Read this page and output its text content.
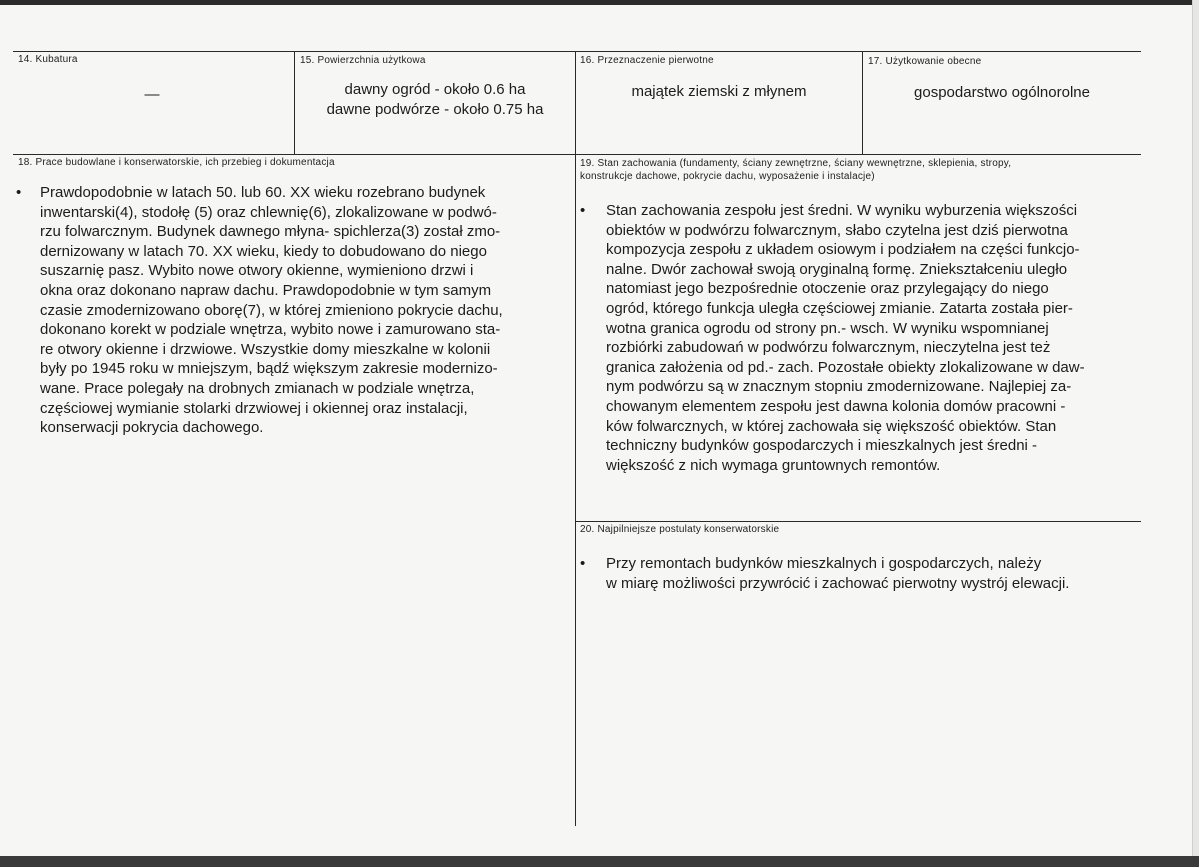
14. Kubatura
—
15. Powierzchnia użytkowa
dawny ogród - około 0.6 ha
dawne podwórze - około 0.75 ha
16. Przeznaczenie pierwotne
majątek ziemski z młynem
17. Użytkowanie obecne
gospodarstwo ogólnorolne
18. Prace budowlane i konserwatorskie, ich przebieg i dokumentacja
• Prawdopodobnie w latach 50. lub 60. XX wieku rozebrano budynek
inwentarski(4), stodołę (5) oraz chlewnię(6), zlokalizowane w podwó-
rzu folwarcznym. Budynek dawnego młyna- spichlerza(3) został zmo-
dernizowany w latach 70. XX wieku, kiedy to dobudowano do niego
suszarnię pasz. Wybito nowe otwory okienne, wymieniono drzwi i
okna oraz dokonano napraw dachu. Prawdopodobnie w tym samym
czasie zmodernizowano oborę(7), w której zmieniono pokrycie dachu,
dokonano korekt w podziale wnętrza, wybito nowe i zamurowano sta-
re otwory okienne i drzwiowe. Wszystkie domy mieszkalne w kolonii
były po 1945 roku w mniejszym, bądź większym zakresie modernizo-
wane. Prace polegały na drobnych zmianach w podziale wnętrza,
częściowej wymianie stolarki drzwiowej i okiennej oraz instalacji,
konserwacji pokrycia dachowego.
19. Stan zachowania (fundamenty, ściany zewnętrzne, ściany wewnętrzne, sklepienia, stropy,
konstrukcje dachowe, pokrycie dachu, wyposażenie i instalacje)
• Stan zachowania zespołu jest średni. W wyniku wyburzenia większości
obiektów w podwórzu folwarcznym, słabo czytelna jest dziś pierwotna
kompozycja zespołu z układem osiowym i podziałem na części funkcjo-
nalne. Dwór zachował swoją oryginalną formę. Zniekształceniu uległo
natomiast jego bezpośrednie otoczenie oraz przylegający do niego
ogród, którego funkcja uległa częściowej zmianie. Zatarta została pier-
wotna granica ogrodu od strony pn.- wsch. W wyniku wspomnianej
rozbiórki zabudowań w podwórzu folwarcznym, nieczytelna jest też
granica założenia od pd.- zach. Pozostałe obiekty zlokalizowane w daw-
nym podwórzu są w znacznym stopniu zmodernizowane. Najlepiej za-
chowanym elementem zespołu jest dawna kolonia domów pracowni -
ków folwarcznych, w której zachowała się większość obiektów. Stan
techniczny budynków gospodarczych i mieszkalnych jest średni -
większość z nich wymaga gruntownych remontów.
20. Najpilniejsze postulaty konserwatorskie
• Przy remontach budynków mieszkalnych i gospodarczych, należy
w miarę możliwości przywrócić i zachować pierwotny wystrój elewacji.
